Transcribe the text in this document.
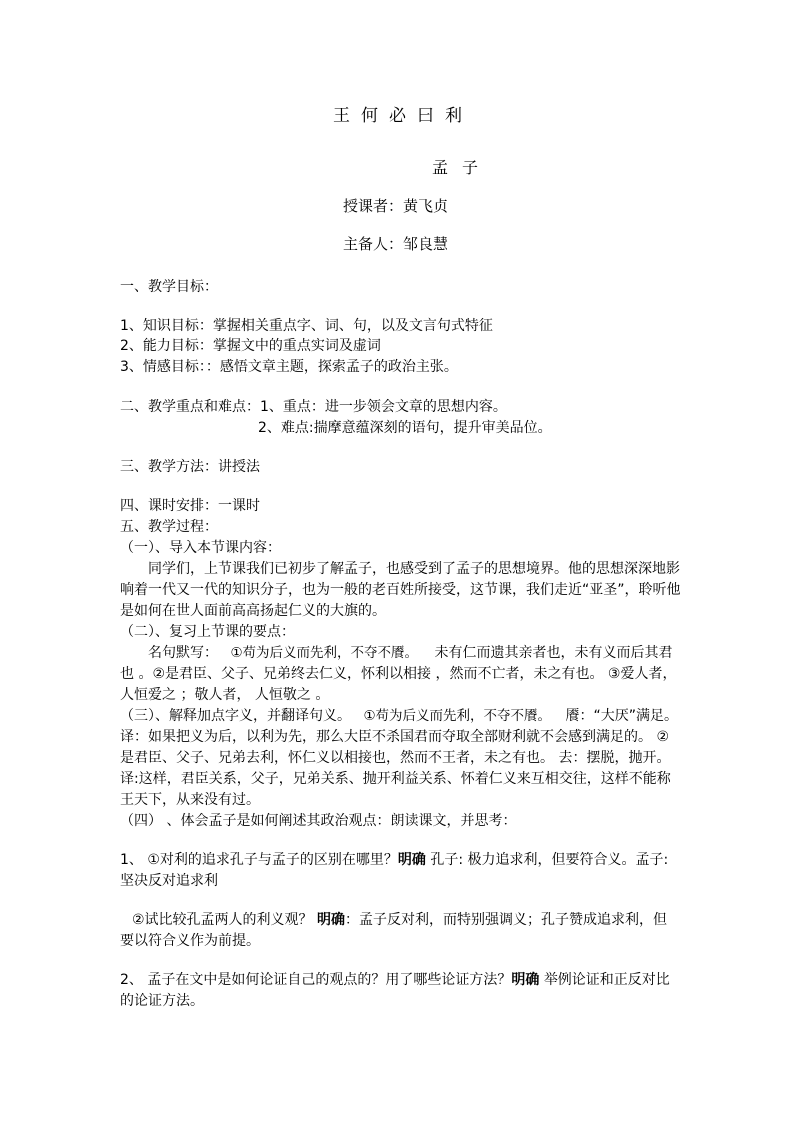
王何必曰利
孟子
授课者：黄飞贞
主备人：邹良慧
一、教学目标：
1、知识目标：掌握相关重点字、词、句，以及文言句式特征
2、能力目标：掌握文中的重点实词及虚词
3、情感目标：：感悟文章主题，探索孟子的政治主张。
二、教学重点和难点：1、重点：进一步领会文章的思想内容。
2、难点:揣摩意蕴深刻的语句，提升审美品位。
三、教学方法：讲授法
四、课时安排：一课时
五、教学过程：
（一）、导入本节课内容：
同学们，上节课我们已初步了解孟子，也感受到了孟子的思想境界。他的思想深深地影
响着一代又一代的知识分子，也为一般的老百姓所接受，这节课，我们走近“亚圣”，聆听他
是如何在世人面前高高扬起仁义的大旗的。
（二）、复习上节课的要点：
名句默写： ①苟为后义而先利，不夺不餍。 未有仁而遗其亲者也，未有义而后其君
也 。②是君臣、父子、兄弟终去仁义，怀利以相接 ，然而不亡者，未之有也。 ③爱人者，
人恒爱之 ；敬人者， 人恒敬之 。
（三）、解释加点字义，并翻译句义。 ①苟为后义而先利，不夺不餍。 餍：“大厌”满足。
译：如果把义为后，以利为先，那么大臣不杀国君而夺取全部财利就不会感到满足的。 ②
是君臣、父子、兄弟去利，怀仁义以相接也，然而不王者，未之有也。 去：摆脱，抛开。
译:这样，君臣关系，父子，兄弟关系、抛开利益关系、怀着仁义来互相交往，这样不能称
王天下，从来没有过。
（四） 、体会孟子是如何阐述其政治观点：朗读课文，并思考：
1、 ①对利的追求孔子与孟子的区别在哪里？明确 孔子: 极力追求利，但要符合义。孟子:
坚决反对追求利
②试比较孔孟两人的利义观？ 明确：孟子反对利，而特别强调义；孔子赞成追求利，但
要以符合义作为前提。
2、 孟子在文中是如何论证自己的观点的？用了哪些论证方法？明确 举例论证和正反对比
的论证方法。
